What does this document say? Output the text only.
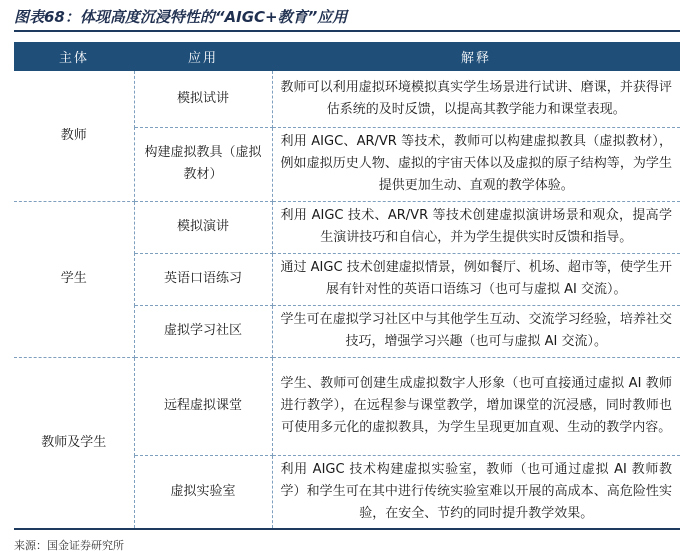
图表68：体现高度沉浸特性的“AIGC+教育”应用
主体	应用	解释
教师	模拟试讲	教师可以利用虚拟环境模拟真实学生场景进行试讲、磨课，并获得评估系统的及时反馈，以提高其教学能力和课堂表现。
	构建虚拟教具（虚拟教材）	利用 AIGC、AR/VR 等技术，教师可以构建虚拟教具（虚拟教材），例如虚拟历史人物、虚拟的宇宙天体以及虚拟的原子结构等，为学生提供更加生动、直观的教学体验。
学生	模拟演讲	利用 AIGC 技术、AR/VR 等技术创建虚拟演讲场景和观众，提高学生演讲技巧和自信心，并为学生提供实时反馈和指导。
	英语口语练习	通过 AIGC 技术创建虚拟情景，例如餐厅、机场、超市等，使学生开展有针对性的英语口语练习（也可与虚拟 AI 交流）。
	虚拟学习社区	学生可在虚拟学习社区中与其他学生互动、交流学习经验，培养社交技巧，增强学习兴趣（也可与虚拟 AI 交流）。
教师及学生	远程虚拟课堂	学生、教师可创建生成虚拟数字人形象（也可直接通过虚拟 AI 教师进行教学），在远程参与课堂教学，增加课堂的沉浸感，同时教师也可使用多元化的虚拟教具，为学生呈现更加直观、生动的教学内容。
	虚拟实验室	利用 AIGC 技术构建虚拟实验室，教师（也可通过虚拟 AI 教师教学）和学生可在其中进行传统实验室难以开展的高成本、高危险性实验，在安全、节约的同时提升教学效果。
来源：国金证券研究所
